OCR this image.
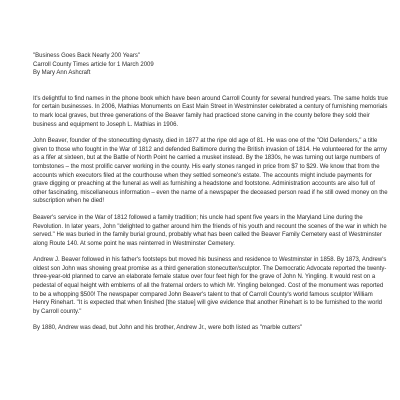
"Business Goes Back Nearly 200 Years"

Carroll County Times article for 1 March 2009

By Mary Ann Ashcraft

It's delightful to find names in the phone book which have been around Carroll County for several hundred years. The same holds true for certain businesses. In 2006, Mathias Monuments on East Main Street in Westminster celebrated a century of furnishing memorials to mark local graves, but three generations of the Beaver family had practiced stone carving in the county before they sold their business and equipment to Joseph L. Mathias in 1906.

John Beaver, founder of the stonecutting dynasty, died in 1877 at the ripe old age of 81. He was one of the "Old Defenders," a title given to those who fought in the War of 1812 and defended Baltimore during the British invasion of 1814. He volunteered for the army as a fifer at sixteen, but at the Battle of North Point he carried a musket instead. By the 1830s, he was turning out large numbers of tombstones – the most prolific carver working in the county. His early stones ranged in price from $7 to $29. We know that from the accounts which executors filed at the courthouse when they settled someone's estate. The accounts might include payments for grave digging or preaching at the funeral as well as furnishing a headstone and footstone. Administration accounts are also full of other fascinating, miscellaneous information – even the name of a newspaper the deceased person read if he still owed money on the subscription when he died!

Beaver's service in the War of 1812 followed a family tradition; his uncle had spent five years in the Maryland Line during the Revolution. In later years, John "delighted to gather around him the friends of his youth and recount the scenes of the war in which he served." He was buried in the family burial ground, probably what has been called the Beaver Family Cemetery east of Westminster along Route 140. At some point he was reinterred in Westminster Cemetery.

Andrew J. Beaver followed in his father's footsteps but moved his business and residence to Westminster in 1858. By 1873, Andrew's oldest son John was showing great promise as a third generation stonecutter/sculptor. The Democratic Advocate reported the twenty-three-year-old planned to carve an elaborate female statue over four feet high for the grave of John N. Yingling. It would rest on a pedestal of equal height with emblems of all the fraternal orders to which Mr. Yingling belonged. Cost of the monument was reported to be a whopping $500! The newspaper compared John Beaver's talent to that of Carroll County's world famous sculptor William Henry Rinehart. "It is expected that when finished [the statue] will give evidence that another Rinehart is to be furnished to the world by Carroll county."

By 1880, Andrew was dead, but John and his brother, Andrew Jr., were both listed as "marble cutters"
